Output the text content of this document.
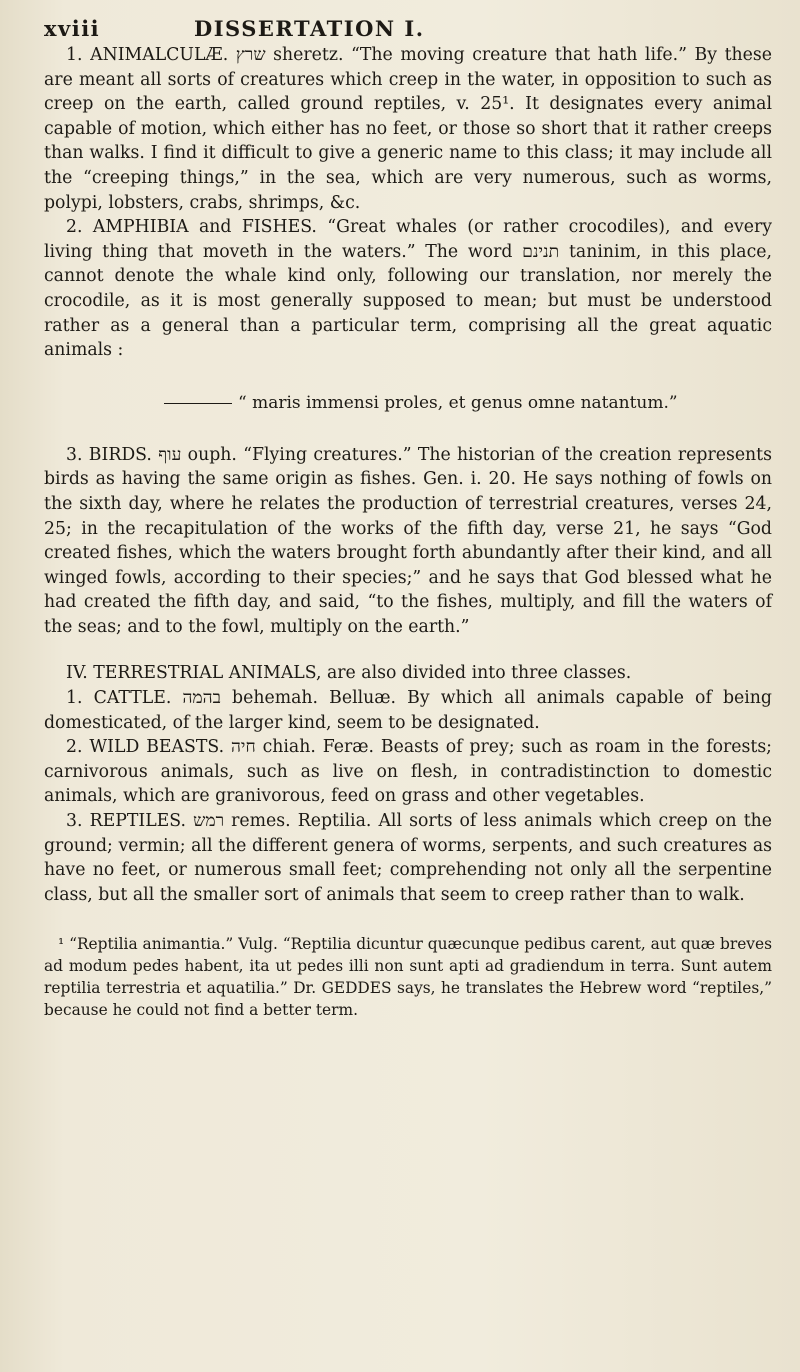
xviii	DISSERTATION I.

1. ANIMALCULÆ. שרץ sheretz. “The moving creature that hath life.” By these are meant all sorts of creatures which creep in the water, in opposition to such as creep on the earth, called ground reptiles, v. 25¹. It designates every animal capable of motion, which either has no feet, or those so short that it rather creeps than walks. I find it difficult to give a generic name to this class; it may include all the “creeping things,” in the sea, which are very numerous, such as worms, polypi, lobsters, crabs, shrimps, &c.

2. AMPHIBIA and FISHES. “Great whales (or rather crocodiles), and every living thing that moveth in the waters.” The word תנינם taninim, in this place, cannot denote the whale kind only, following our translation, nor merely the crocodile, as it is most generally supposed to mean; but must be understood rather as a general than a particular term, comprising all the great aquatic animals :

“ maris immensi proles, et genus omne natantum.”

3. BIRDS. עוף ouph. “Flying creatures.” The historian of the creation represents birds as having the same origin as fishes. Gen. i. 20. He says nothing of fowls on the sixth day, where he relates the production of terrestrial creatures, verses 24, 25; in the recapitulation of the works of the fifth day, verse 21, he says “God created fishes, which the waters brought forth abundantly after their kind, and all winged fowls, according to their species;” and he says that God blessed what he had created the fifth day, and said, “to the fishes, multiply, and fill the waters of the seas; and to the fowl, multiply on the earth.”

IV. TERRESTRIAL ANIMALS, are also divided into three classes.

1. CATTLE. בהמה behemah. Belluæ. By which all animals capable of being domesticated, of the larger kind, seem to be designated.

2. WILD BEASTS. חיה chiah. Feræ. Beasts of prey; such as roam in the forests; carnivorous animals, such as live on flesh, in contradistinction to domestic animals, which are granivorous, feed on grass and other vegetables.

3. REPTILES. רמש remes. Reptilia. All sorts of less animals which creep on the ground; vermin; all the different genera of worms, serpents, and such creatures as have no feet, or numerous small feet; comprehending not only all the serpentine class, but all the smaller sort of animals that seem to creep rather than to walk.

¹ “Reptilia animantia.” Vulg. “Reptilia dicuntur quæcunque pedibus carent, aut quæ breves ad modum pedes habent, ita ut pedes illi non sunt apti ad gradiendum in terra. Sunt autem reptilia terrestria et aquatilia.” Dr. GEDDES says, he translates the Hebrew word “reptiles,” because he could not find a better term.
